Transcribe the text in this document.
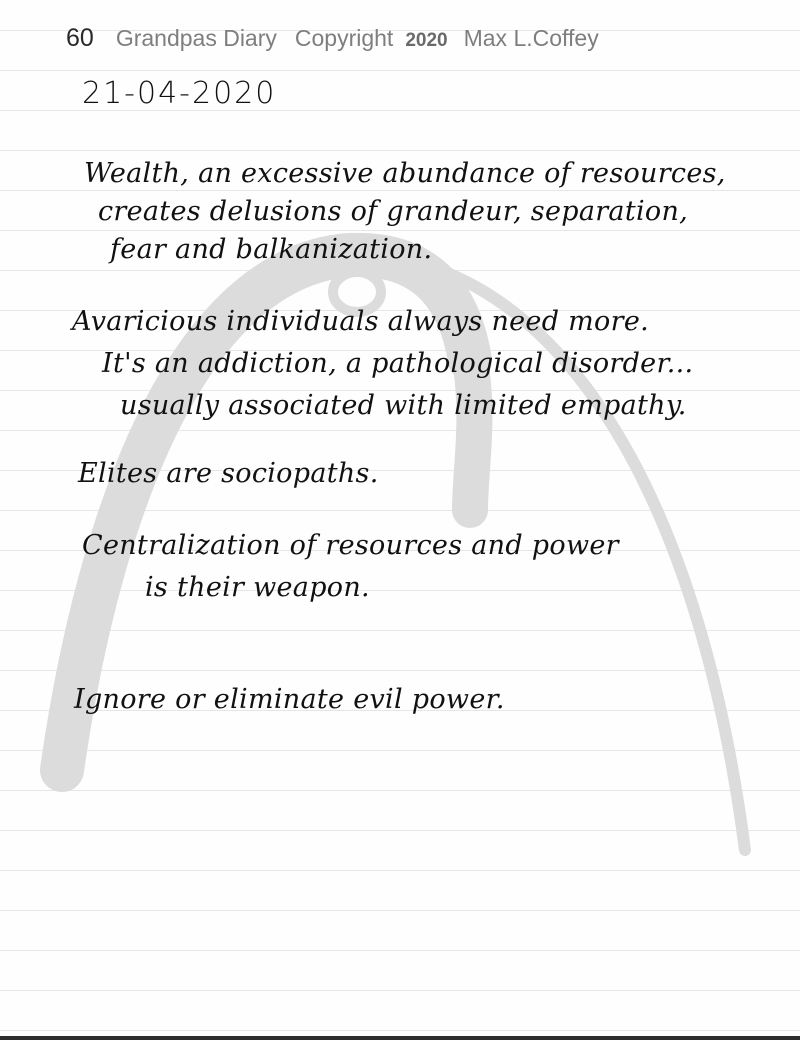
60 Grandpas Diary Copyright 2020 Max L.Coffey
21-04-2020
Wealth, an excessive abundance of resources,
creates delusions of grandeur, separation,
fear and balkanization.
Avaricious individuals always need more.
It's an addiction, a pathological disorder...
usually associated with limited empathy.
Elites are sociopaths.
Centralization of resources and power
is their weapon.
Ignore or eliminate evil power.
